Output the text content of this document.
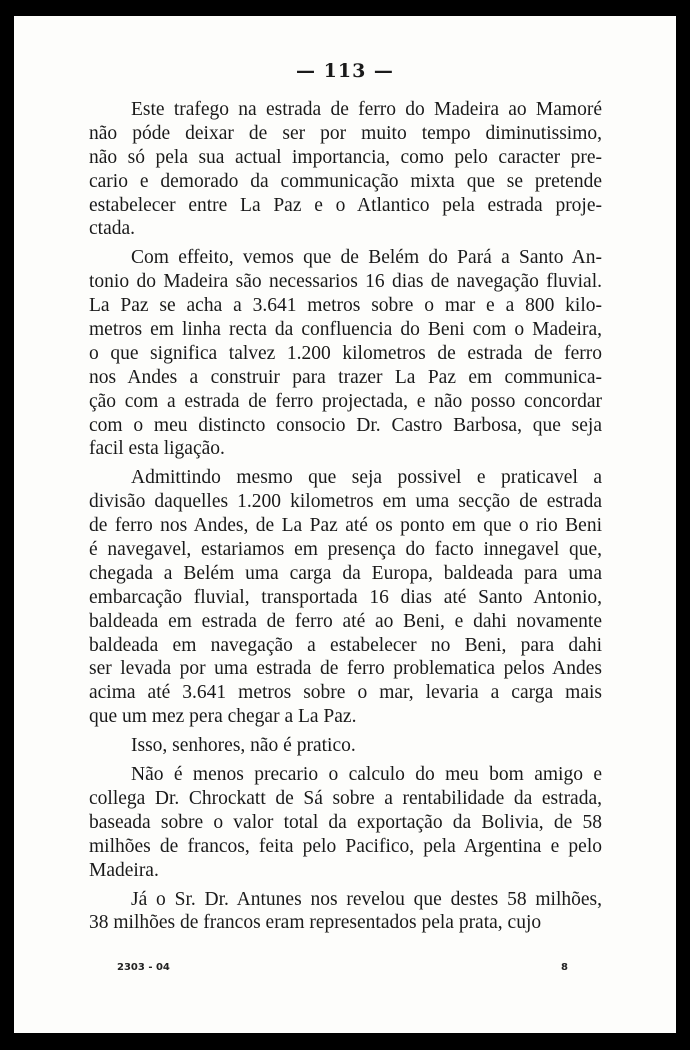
— 113 —
Este trafego na estrada de ferro do Madeira ao Mamoré
não póde deixar de ser por muito tempo diminutissimo,
não só pela sua actual importancia, como pelo caracter pre-
cario e demorado da communicação mixta que se pretende
estabelecer entre La Paz e o Atlantico pela estrada proje-
ctada.
Com effeito, vemos que de Belém do Pará a Santo An-
tonio do Madeira são necessarios 16 dias de navegação fluvial.
La Paz se acha a 3.641 metros sobre o mar e a 800 kilo-
metros em linha recta da confluencia do Beni com o Madeira,
o que significa talvez 1.200 kilometros de estrada de ferro
nos Andes a construir para trazer La Paz em communica-
ção com a estrada de ferro projectada, e não posso concordar
com o meu distincto consocio Dr. Castro Barbosa, que seja
facil esta ligação.
Admittindo mesmo que seja possivel e praticavel a
divisão daquelles 1.200 kilometros em uma secção de estrada
de ferro nos Andes, de La Paz até os ponto em que o rio Beni
é navegavel, estariamos em presença do facto innegavel que,
chegada a Belém uma carga da Europa, baldeada para uma
embarcação fluvial, transportada 16 dias até Santo Antonio,
baldeada em estrada de ferro até ao Beni, e dahi novamente
baldeada em navegação a estabelecer no Beni, para dahi
ser levada por uma estrada de ferro problematica pelos Andes
acima até 3.641 metros sobre o mar, levaria a carga mais
que um mez pera chegar a La Paz.
Isso, senhores, não é pratico.
Não é menos precario o calculo do meu bom amigo e
collega Dr. Chrockatt de Sá sobre a rentabilidade da estrada,
baseada sobre o valor total da exportação da Bolivia, de 58
milhões de francos, feita pelo Pacifico, pela Argentina e pelo
Madeira.
Já o Sr. Dr. Antunes nos revelou que destes 58 milhões,
38 milhões de francos eram representados pela prata, cujo
2303 - 04	8
